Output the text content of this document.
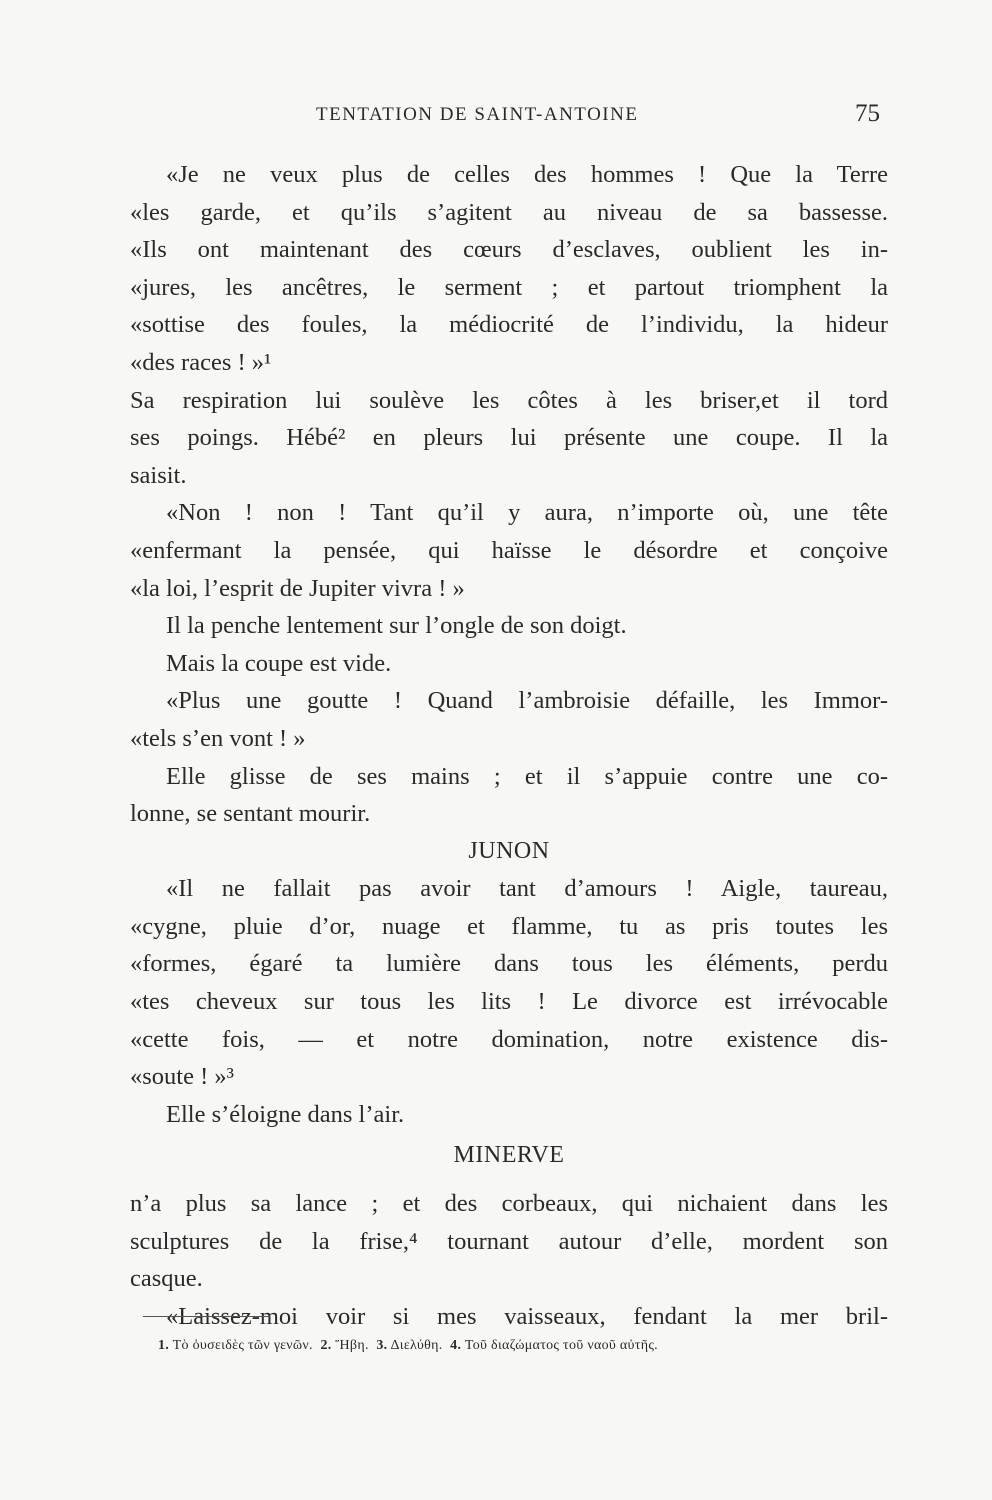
TENTATION DE SAINT-ANTOINE	75
«Je ne veux plus de celles des hommes ! Que la Terre
«les garde, et qu’ils s’agitent au niveau de sa bassesse.
«Ils ont maintenant des cœurs d’esclaves, oublient les in-
«jures, les ancêtres, le serment ; et partout triomphent la
«sottise des foules, la médiocrité de l’individu, la hideur
«des races ! »¹
Sa respiration lui soulève les côtes à les briser,et il tord
ses poings. Hébé² en pleurs lui présente une coupe. Il la
saisit.
«Non ! non ! Tant qu’il y aura, n’importe où, une tête
«enfermant la pensée, qui haïsse le désordre et conçoive
«la loi, l’esprit de Jupiter vivra ! »
Il la penche lentement sur l’ongle de son doigt.
Mais la coupe est vide.
«Plus une goutte ! Quand l’ambroisie défaille, les Immor-
«tels s’en vont ! »
Elle glisse de ses mains ; et il s’appuie contre une co-
lonne, se sentant mourir.
JUNON
«Il ne fallait pas avoir tant d’amours ! Aigle, taureau,
«cygne, pluie d’or, nuage et flamme, tu as pris toutes les
«formes, égaré ta lumière dans tous les éléments, perdu
«tes cheveux sur tous les lits ! Le divorce est irrévocable
«cette fois, — et notre domination, notre existence dis-
«soute ! »³
Elle s’éloigne dans l’air.
MINERVE
n’a plus sa lance ; et des corbeaux, qui nichaient dans les
sculptures de la frise,⁴ tournant autour d’elle, mordent son
casque.
«Laissez-moi voir si mes vaisseaux, fendant la mer bril-
1. Τὸ ὀυσειδὲς τῶν γενῶν. 2. Ἥβη. 3. Διελύθη. 4. Τοῦ διαζώματος τοῦ ναοῦ αὐτῆς.
